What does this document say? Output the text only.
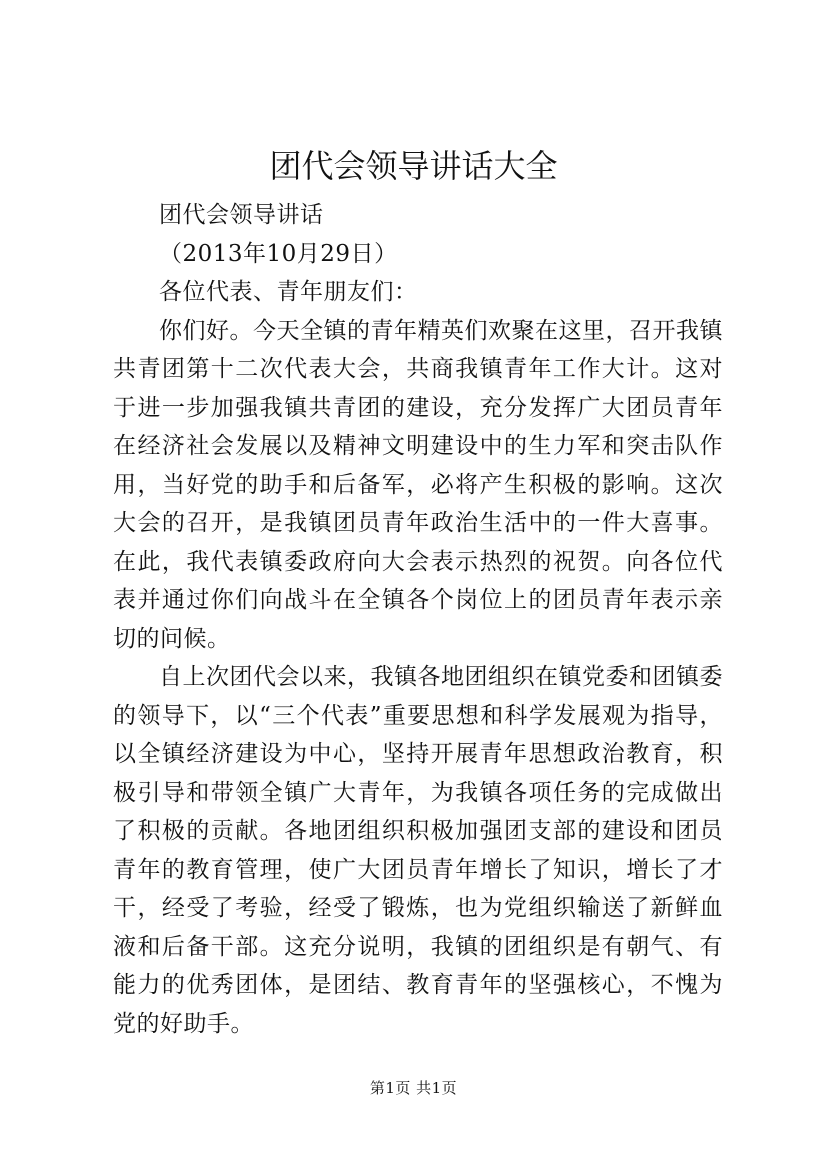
团代会领导讲话大全

团代会领导讲话

（2013年10月29日）

各位代表、青年朋友们：

你们好。今天全镇的青年精英们欢聚在这里，召开我镇共青团第十二次代表大会，共商我镇青年工作大计。这对于进一步加强我镇共青团的建设，充分发挥广大团员青年在经济社会发展以及精神文明建设中的生力军和突击队作用，当好党的助手和后备军，必将产生积极的影响。这次大会的召开，是我镇团员青年政治生活中的一件大喜事。在此，我代表镇委政府向大会表示热烈的祝贺。向各位代表并通过你们向战斗在全镇各个岗位上的团员青年表示亲切的问候。

自上次团代会以来，我镇各地团组织在镇党委和团镇委的领导下，以“三个代表”重要思想和科学发展观为指导，以全镇经济建设为中心，坚持开展青年思想政治教育，积极引导和带领全镇广大青年，为我镇各项任务的完成做出了积极的贡献。各地团组织积极加强团支部的建设和团员青年的教育管理，使广大团员青年增长了知识，增长了才干，经受了考验，经受了锻炼，也为党组织输送了新鲜血液和后备干部。这充分说明，我镇的团组织是有朝气、有能力的优秀团体，是团结、教育青年的坚强核心，不愧为党的好助手。

第1页 共1页
